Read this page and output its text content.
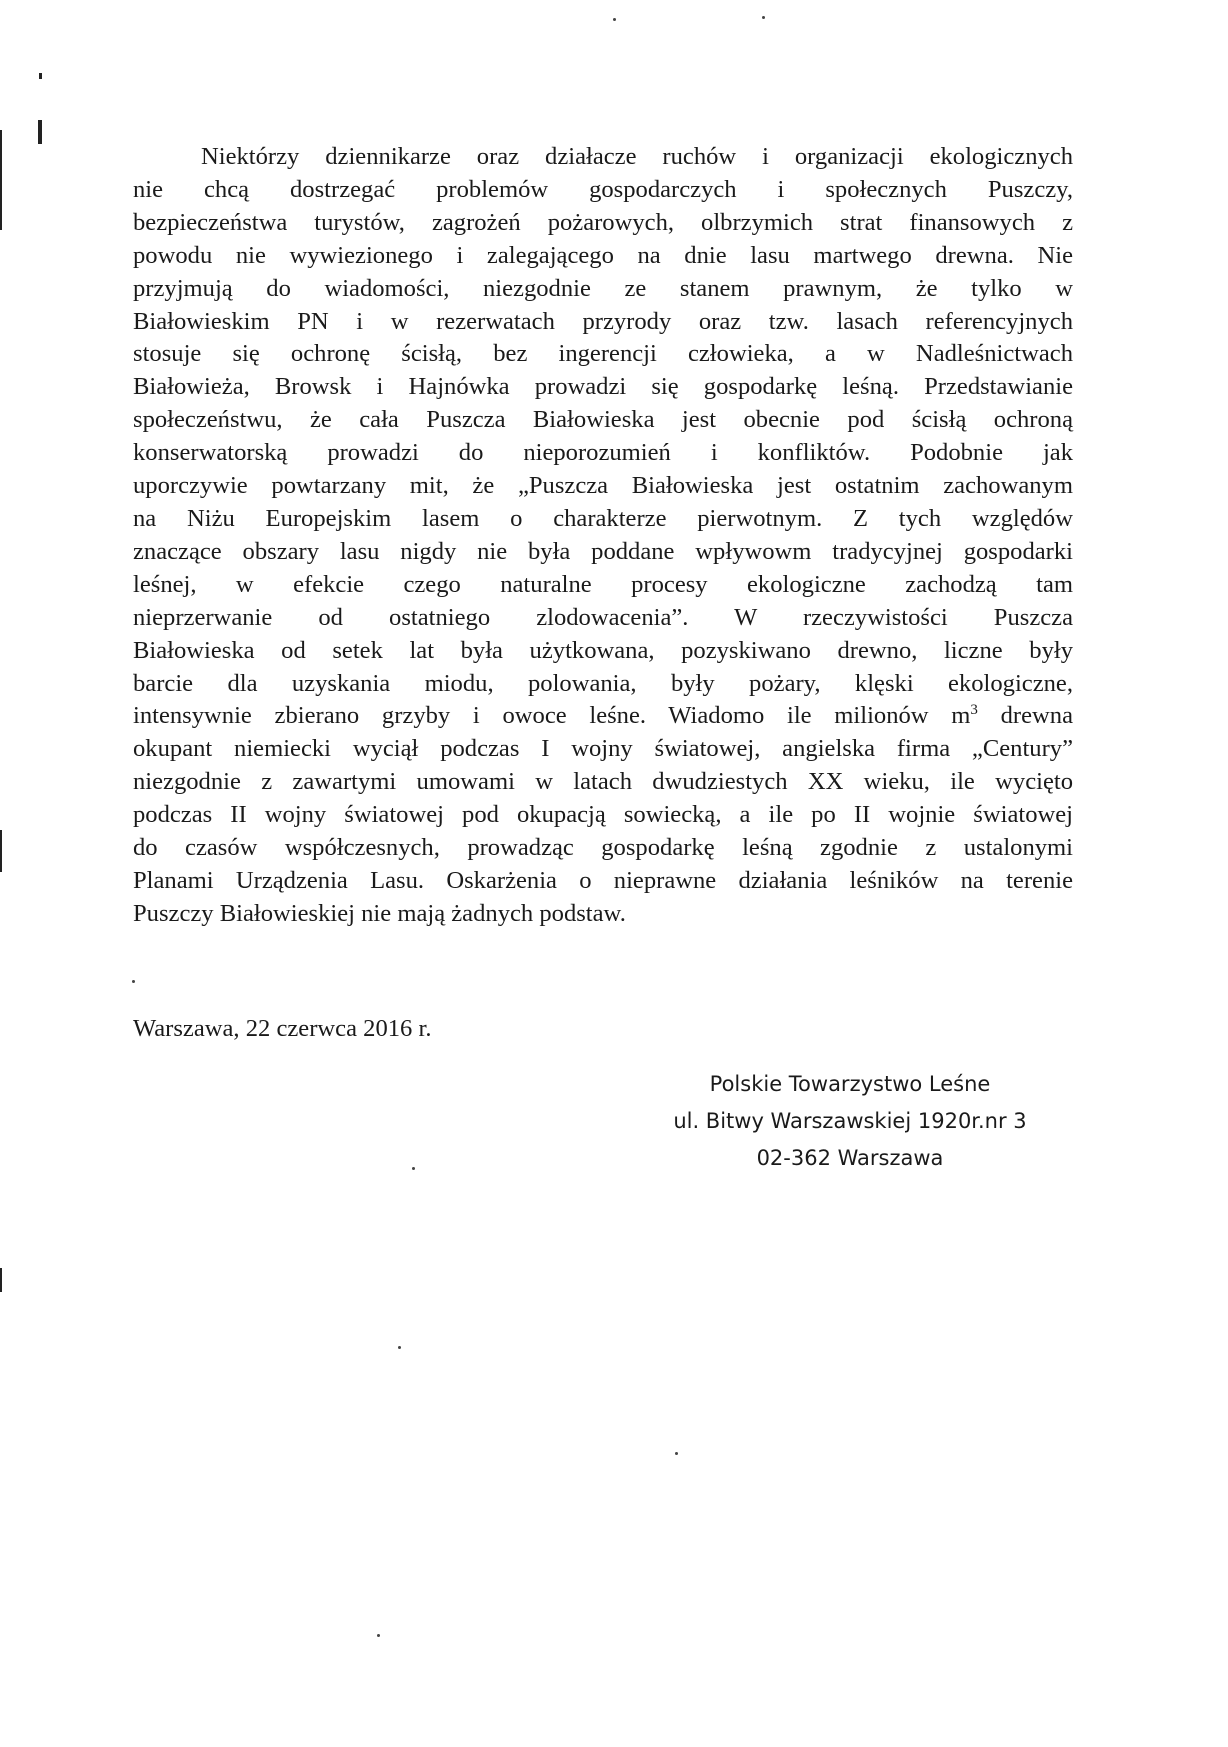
Niektórzy dziennikarze oraz działacze ruchów i organizacji ekologicznych
nie chcą dostrzegać problemów gospodarczych i społecznych Puszczy,
bezpieczeństwa turystów, zagrożeń pożarowych, olbrzymich strat finansowych z
powodu nie wywiezionego i zalegającego na dnie lasu martwego drewna. Nie
przyjmują do wiadomości, niezgodnie ze stanem prawnym, że tylko w
Białowieskim PN i w rezerwatach przyrody oraz tzw. lasach referencyjnych
stosuje się ochronę ścisłą, bez ingerencji człowieka, a w Nadleśnictwach
Białowieża, Browsk i Hajnówka prowadzi się gospodarkę leśną. Przedstawianie
społeczeństwu, że cała Puszcza Białowieska jest obecnie pod ścisłą ochroną
konserwatorską prowadzi do nieporozumień i konfliktów. Podobnie jak
uporczywie powtarzany mit, że „Puszcza Białowieska jest ostatnim zachowanym
na Niżu Europejskim lasem o charakterze pierwotnym. Z tych względów
znaczące obszary lasu nigdy nie była poddane wpływowm tradycyjnej gospodarki
leśnej, w efekcie czego naturalne procesy ekologiczne zachodzą tam
nieprzerwanie od ostatniego zlodowacenia”. W rzeczywistości Puszcza
Białowieska od setek lat była użytkowana, pozyskiwano drewno, liczne były
barcie dla uzyskania miodu, polowania, były pożary, klęski ekologiczne,
intensywnie zbierano grzyby i owoce leśne. Wiadomo ile milionów $m^3$ drewna
okupant niemiecki wyciął podczas I wojny światowej, angielska firma „Century”
niezgodnie z zawartymi umowami w latach dwudziestych XX wieku, ile wycięto
podczas II wojny światowej pod okupacją sowiecką, a ile po II wojnie światowej
do czasów współczesnych, prowadząc gospodarkę leśną zgodnie z ustalonymi
Planami Urządzenia Lasu. Oskarżenia o nieprawne działania leśników na terenie
Puszczy Białowieskiej nie mają żadnych podstaw.
Warszawa, 22 czerwca 2016 r.
Polskie Towarzystwo Leśne
ul. Bitwy Warszawskiej 1920r.nr 3
02-362 Warszawa
